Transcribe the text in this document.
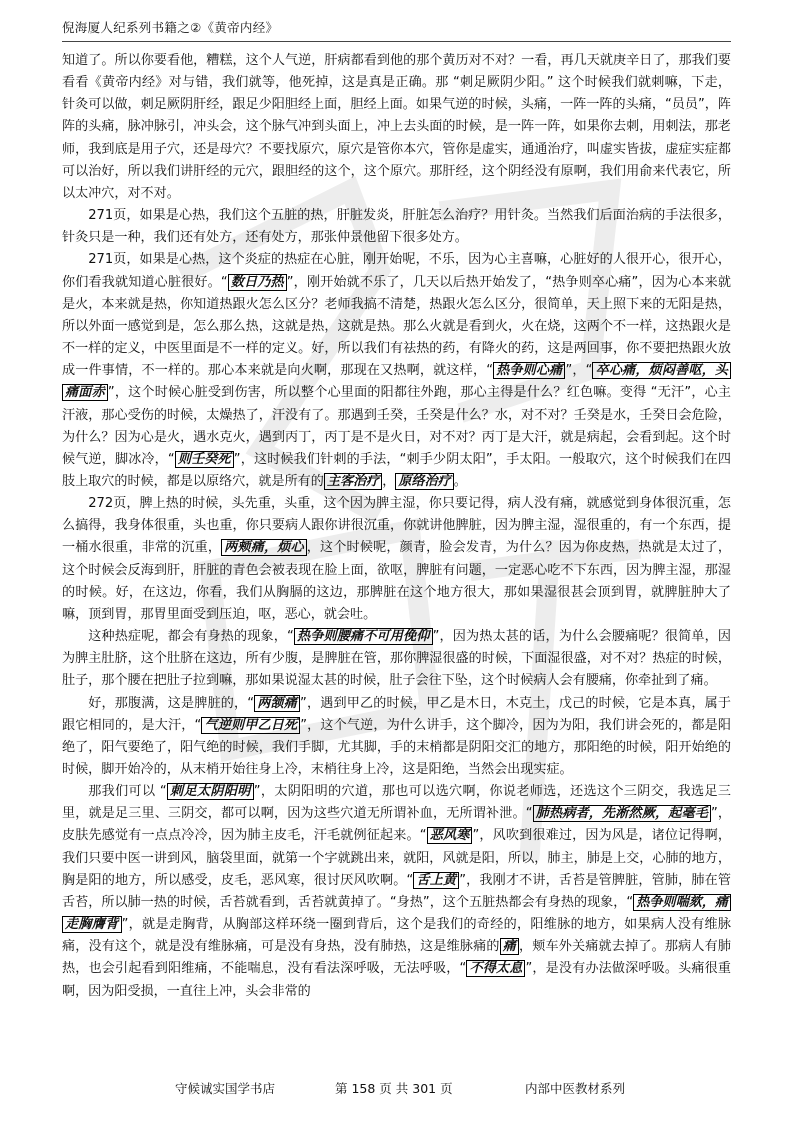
倪海厦人纪系列书籍之②《黄帝内经》

知道了。所以你要看他，糟糕，这个人气逆，肝病都看到他的那个黄历对不对？一看，再几天就庚辛日了，那我们要看看《黄帝内经》对与错，我们就等，他死掉，这是真是正确。那 “刺足厥阴少阳。” 这个时候我们就刺嘛，下走，针灸可以做，刺足厥阴肝经，跟足少阳胆经上面，胆经上面。如果气逆的时候，头痛，一阵一阵的头痛，“员员”，阵阵的头痛，脉冲脉引，冲头会，这个脉气冲到头面上，冲上去头面的时候，是一阵一阵，如果你去刺，用刺法，那老师，我到底是用子穴，还是母穴？不要找原穴，原穴是管你本穴，管你是虚实，通通治疗，叫虚实皆拔，虚症实症都可以治好，所以我们讲肝经的元穴，跟胆经的这个，这个原穴。那肝经，这个阴经没有原啊，我们用俞来代表它，所以太冲穴，对不对。

271页，如果是心热，我们这个五脏的热，肝脏发炎，肝脏怎么治疗？用针灸。当然我们后面治病的手法很多，针灸只是一种，我们还有处方，还有处方，那张仲景他留下很多处方。

271页，如果是心热，这个炎症的热症在心脏，刚开始呢，不乐，因为心主喜嘛，心脏好的人很开心，很开心，你们看我就知道心脏很好。“ 数日乃热 ”，刚开始就不乐了，几天以后热开始发了，“热争则卒心痛”，因为心本来就是火，本来就是热，你知道热跟火怎么区分？老师我搞不清楚，热跟火怎么区分，很简单，天上照下来的无阳是热，所以外面一感觉到是，怎么那么热，这就是热，这就是热。那么火就是看到火，火在烧，这两个不一样，这热跟火是不一样的定义，中医里面是不一样的定义。好，所以我们有祛热的药，有降火的药，这是两回事，你不要把热跟火放成一件事情，不一样的。那心本来就是向火啊，那现在又热啊，就这样，“ 热争则心痛 ”，“ 卒心痛，烦闷善呕，头痛面赤 ”，这个时候心脏受到伤害，所以整个心里面的阳都往外跑，那心主得是什么？红色嘛。变得 “无汗”，心主汗液，那心受伤的时候，太燥热了，汗没有了。那遇到壬癸，壬癸是什么？水，对不对？壬癸是水，壬癸日会危险，为什么？因为心是火，遇水克火，遇到丙丁，丙丁是不是火日，对不对？丙丁是大汗，就是病起，会看到起。这个时候气逆，脚冰冷，“ 则壬癸死 ”，这时候我们针刺的手法，“刺手少阴太阳”，手太阳。一般取穴，这个时候我们在四肢上取穴的时候，都是以原络穴，就是所有的 主客治疗 ， 原络治疗 。

272页，脾上热的时候，头先重，头重，这个因为脾主湿，你只要记得，病人没有痛，就感觉到身体很沉重，怎么搞得，我身体很重，头也重，你只要病人跟你讲很沉重，你就讲他脾脏，因为脾主湿，湿很重的，有一个东西，提一桶水很重，非常的沉重， 两颊痛，烦心 ，这个时候呢，颜青，脸会发青，为什么？因为你皮热，热就是太过了，这个时候会反海到肝，肝脏的青色会被表现在脸上面，欲呕，脾脏有问题，一定恶心吃不下东西，因为脾主湿，那湿的时候。好，在这边，你看，我们从胸膈的这边，那脾脏在这个地方很大，那如果湿很甚会顶到胃，就脾脏肿大了嘛，顶到胃，那胃里面受到压迫，呕，恶心，就会吐。

这种热症呢，都会有身热的现象，“ 热争则腰痛不可用俛仰 ”，因为热太甚的话，为什么会腰痛呢？很简单，因为脾主肚脐，这个肚脐在这边，所有少腹，是脾脏在管，那你脾湿很盛的时候，下面湿很盛，对不对？热症的时候，肚子，那个腰在把肚子拉到嘛，那如果说湿太甚的时候，肚子会往下坠，这个时候病人会有腰痛，你牵扯到了痛。

好，那腹满，这是脾脏的，“ 两颔痛 ”，遇到甲乙的时候，甲乙是木日，木克土，戊己的时候，它是本真，属于跟它相同的，是大汗，“ 气逆则甲乙日死 ”，这个气逆，为什么讲手，这个脚冷，因为为阳，我们讲会死的，都是阳绝了，阳气要绝了，阳气绝的时候，我们手脚，尤其脚，手的末梢都是阴阳交汇的地方，那阳绝的时候，阳开始绝的时候，脚开始冷的，从末梢开始往身上冷，末梢往身上冷，这是阳绝，当然会出现实症。

那我们可以 “ 刺足太阴阳明 ”，太阴阳明的穴道，那也可以选穴啊，你说老师选，还选这个三阴交，我选足三里，就是足三里、三阴交，都可以啊，因为这些穴道无所谓补血，无所谓补泄。“ 肺热病者，先淅然厥，起毫毛 ”，皮肤先感觉有一点点冷冷，因为肺主皮毛，汗毛就例征起来。“ 恶风寒 ”，风吹到很难过，因为风是，诸位记得啊，我们只要中医一讲到风，脑袋里面，就第一个字就跳出来，就阳，风就是阳，所以，肺主，肺是上交，心肺的地方，胸是阳的地方，所以感受，皮毛，恶风寒，很讨厌风吹啊。“ 舌上黄 ”，我刚才不讲，舌苔是管脾脏，管肺，肺在管舌苔，所以肺一热的时候，舌苔就看到，舌苔就黄掉了。“身热”，这个五脏热都会有身热的现象，“ 热争则喘欬，痛走胸膺背 ”，就是走胸背，从胸部这样环绕一圈到背后，这个是我们的奇经的，阳维脉的地方，如果病人没有维脉痛，没有这个，就是没有维脉痛，可是没有身热，没有肺热，这是维脉痛的 痛 ，颊车外关痛就去掉了。那病人有肺热，也会引起看到阳维痛，不能喘息，没有看法深呼吸，无法呼吸，“ 不得太息 ”，是没有办法做深呼吸。头痛很重啊，因为阳受损，一直往上冲，头会非常的

守候诚实国学书店	第 158 页 共 301 页	内部中医教材系列
